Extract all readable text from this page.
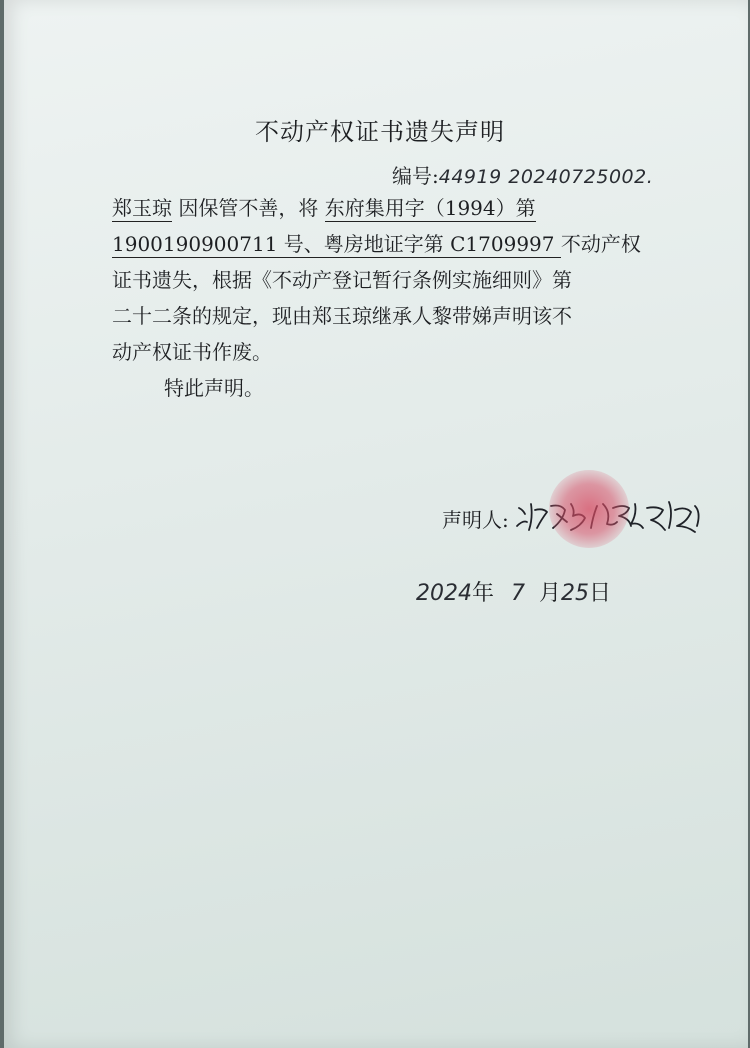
不动产权证书遗失声明
编号:44919 20240725002.
郑玉琼 因保管不善，将 东府集用字（1994）第
1900190900711 号、粤房地证字第 C1709997 不动产权
证书遗失，根据《不动产登记暂行条例实施细则》第
二十二条的规定，现由郑玉琼继承人黎带娣声明该不
动产权证书作废。
特此声明。
声明人:
2024年 7 月25日
